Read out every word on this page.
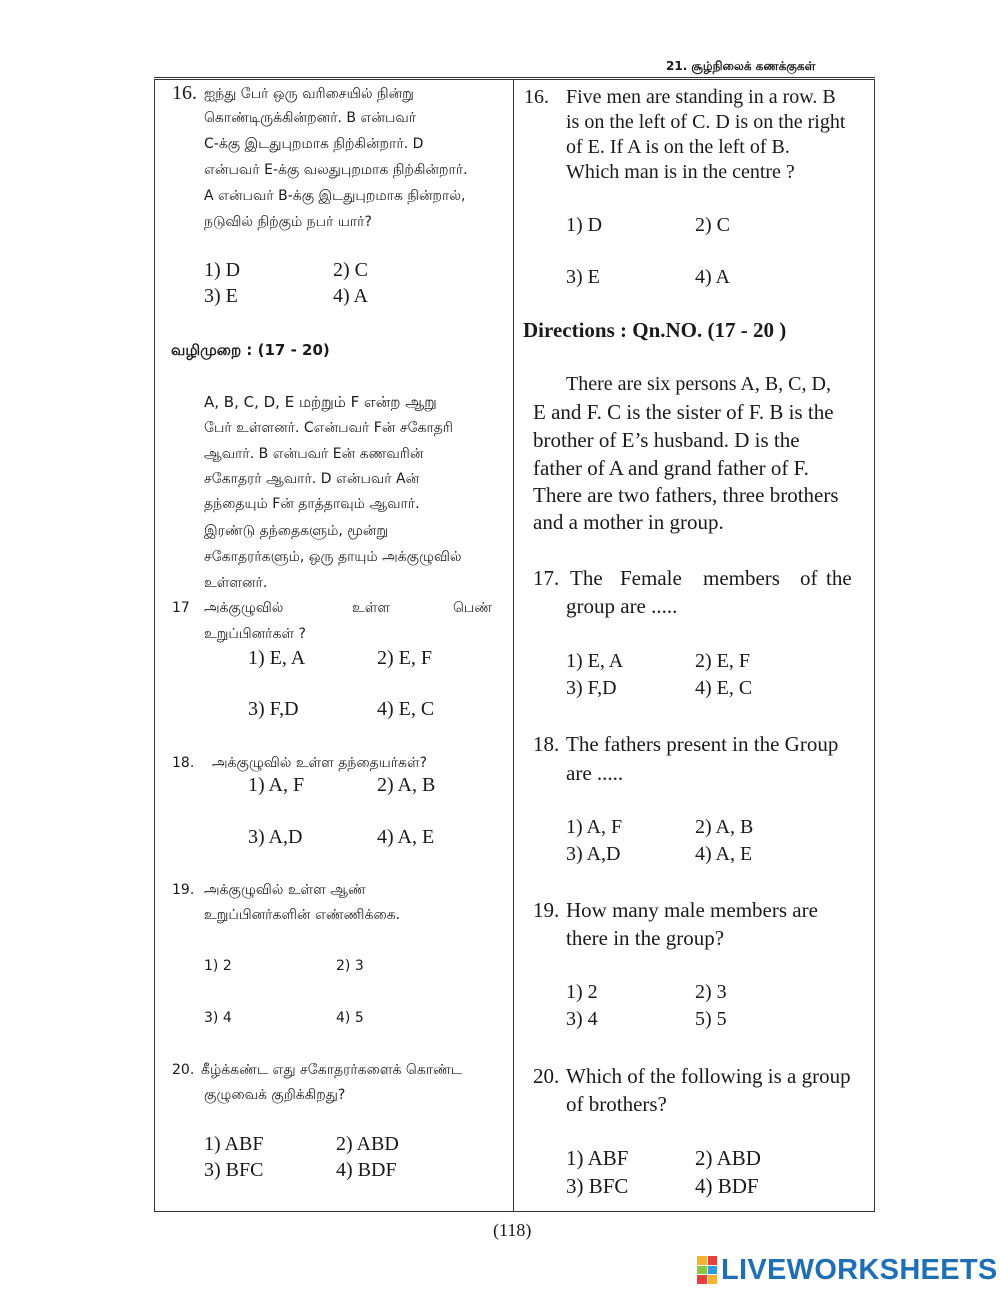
21. சூழ்நிலைக் கணக்குகள்
16. ஐந்து பேர் ஒரு வரிசையில் நின்று
கொண்டிருக்கின்றனர். B என்பவர்
C-க்கு இடதுபுறமாக நிற்கின்றார். D
என்பவர் E-க்கு வலதுபுறமாக நிற்கின்றார்.
A என்பவர் B-க்கு இடதுபுறமாக நின்றால்,
நடுவில் நிற்கும் நபர் யார்?
1) D	2) C
3) E	4) A
வழிமுறை : (17 - 20)
A, B, C, D, E மற்றும் F என்ற ஆறு
பேர் உள்ளனர். Cஎன்பவர் Fன் சகோதரி
ஆவார். B என்பவர் Eன் கணவரின்
சகோதரர் ஆவார். D என்பவர் Aன்
தந்தையும் Fன் தாத்தாவும் ஆவார்.
இரண்டு தந்தைகளும், மூன்று
சகோதரர்களும், ஒரு தாயும் அக்குழுவில்
உள்ளனர்.
17 அக்குழுவில்	உள்ள	பெண்
உறுப்பினர்கள் ?
1) E, A	2) E, F
3) F,D	4) E, C
18. அக்குழுவில் உள்ள தந்தையர்கள்?
1) A, F	2) A, B
3) A,D	4) A, E
19. அக்குழுவில் உள்ள ஆண்
உறுப்பினர்களின் எண்ணிக்கை.
1) 2	2) 3
3) 4	4) 5
20. கீழ்க்கண்ட எது சகோதரர்களைக் கொண்ட
குழுவைக் குறிக்கிறது?
1) ABF	2) ABD
3) BFC	4) BDF
16. Five men are standing in a row. B
is on the left of C. D is on the right
of E. If A is on the left of B.
Which man is in the centre ?
1) D	2) C
3) E	4) A
Directions : Qn.NO. (17 - 20 )
There are six persons A, B, C, D,
E and F. C is the sister of F. B is the
brother of E’s husband. D is the
father of A and grand father of F.
There are two fathers, three brothers
and a mother in group.
17. The Female members of the
group are .....
1) E, A	2) E, F
3) F,D	4) E, C
18. The fathers present in the Group
are .....
1) A, F	2) A, B
3) A,D	4) A, E
19. How many male members are
there in the group?
1) 2	2) 3
3) 4	5) 5
20. Which of the following is a group
of brothers?
1) ABF	2) ABD
3) BFC	4) BDF
(118)
LIVEWORKSHEETS
